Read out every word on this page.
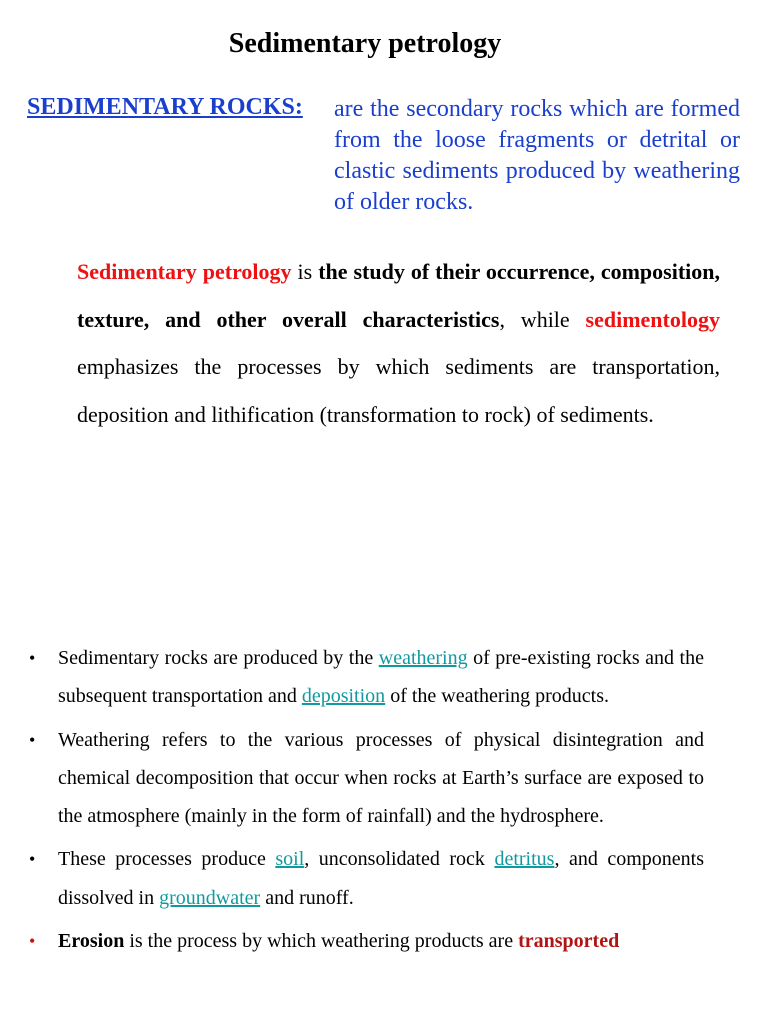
Sedimentary petrology
SEDIMENTARY ROCKS: are the secondary rocks which are formed from the loose fragments or detrital or clastic sediments produced by weathering of older rocks.

Sedimentary petrology is the study of their occurrence, composition, texture, and other overall characteristics, while sedimentology emphasizes the processes by which sediments are transportation, deposition and lithification (transformation to rock) of sediments.

• Sedimentary rocks are produced by the weathering of pre-existing rocks and the subsequent transportation and deposition of the weathering products.
• Weathering refers to the various processes of physical disintegration and chemical decomposition that occur when rocks at Earth’s surface are exposed to the atmosphere (mainly in the form of rainfall) and the hydrosphere.
• These processes produce soil, unconsolidated rock detritus, and components dissolved in groundwater and runoff.
• Erosion is the process by which weathering products are transported
